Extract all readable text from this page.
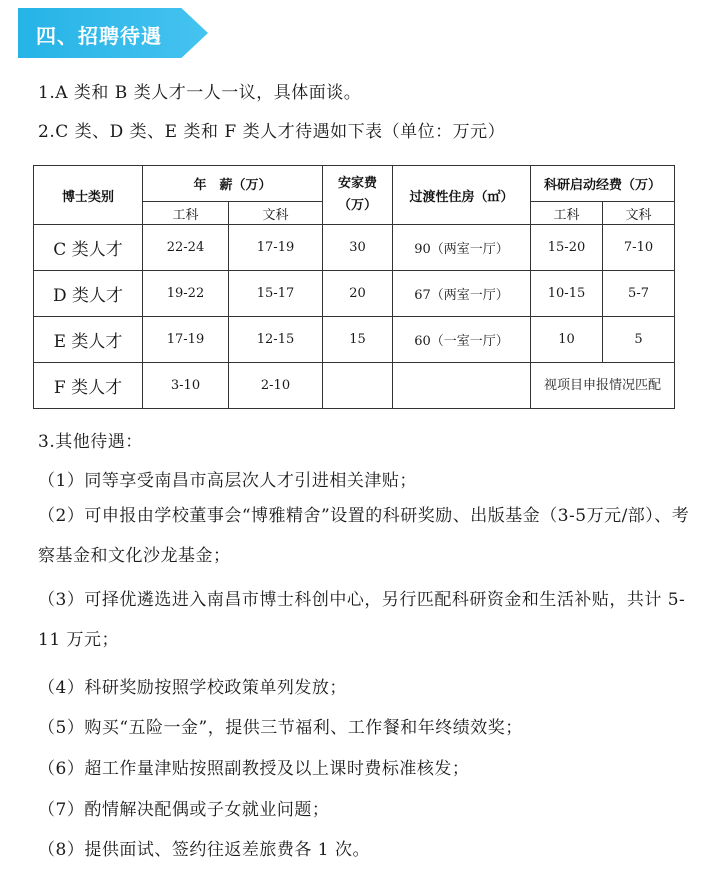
四、招聘待遇
1.A 类和 B 类人才一人一议，具体面谈。
2.C 类、D 类、E 类和 F 类人才待遇如下表（单位：万元）
博士类别	年　薪（万）		安家费（万）	过渡性住房（㎡）	科研启动经费（万）	
	工科	文科			工科	文科
C 类人才	22-24	17-19	30	90（两室一厅）	15-20	7-10
D 类人才	19-22	15-17	20	67（两室一厅）	10-15	5-7
E 类人才	17-19	12-15	15	60（一室一厅）	10	5
F 类人才	3-10	2-10			视项目申报情况匹配	
3.其他待遇：
（1）同等享受南昌市高层次人才引进相关津贴；
（2）可申报由学校董事会“博雅精舍”设置的科研奖励、出版基金（3-5万元/部）、考察基金和文化沙龙基金；
（3）可择优遴选进入南昌市博士科创中心，另行匹配科研资金和生活补贴，共计 5-11 万元；
（4）科研奖励按照学校政策单列发放；
（5）购买“五险一金”，提供三节福利、工作餐和年终绩效奖；
（6）超工作量津贴按照副教授及以上课时费标准核发；
（7）酌情解决配偶或子女就业问题；
（8）提供面试、签约往返差旅费各 1 次。
